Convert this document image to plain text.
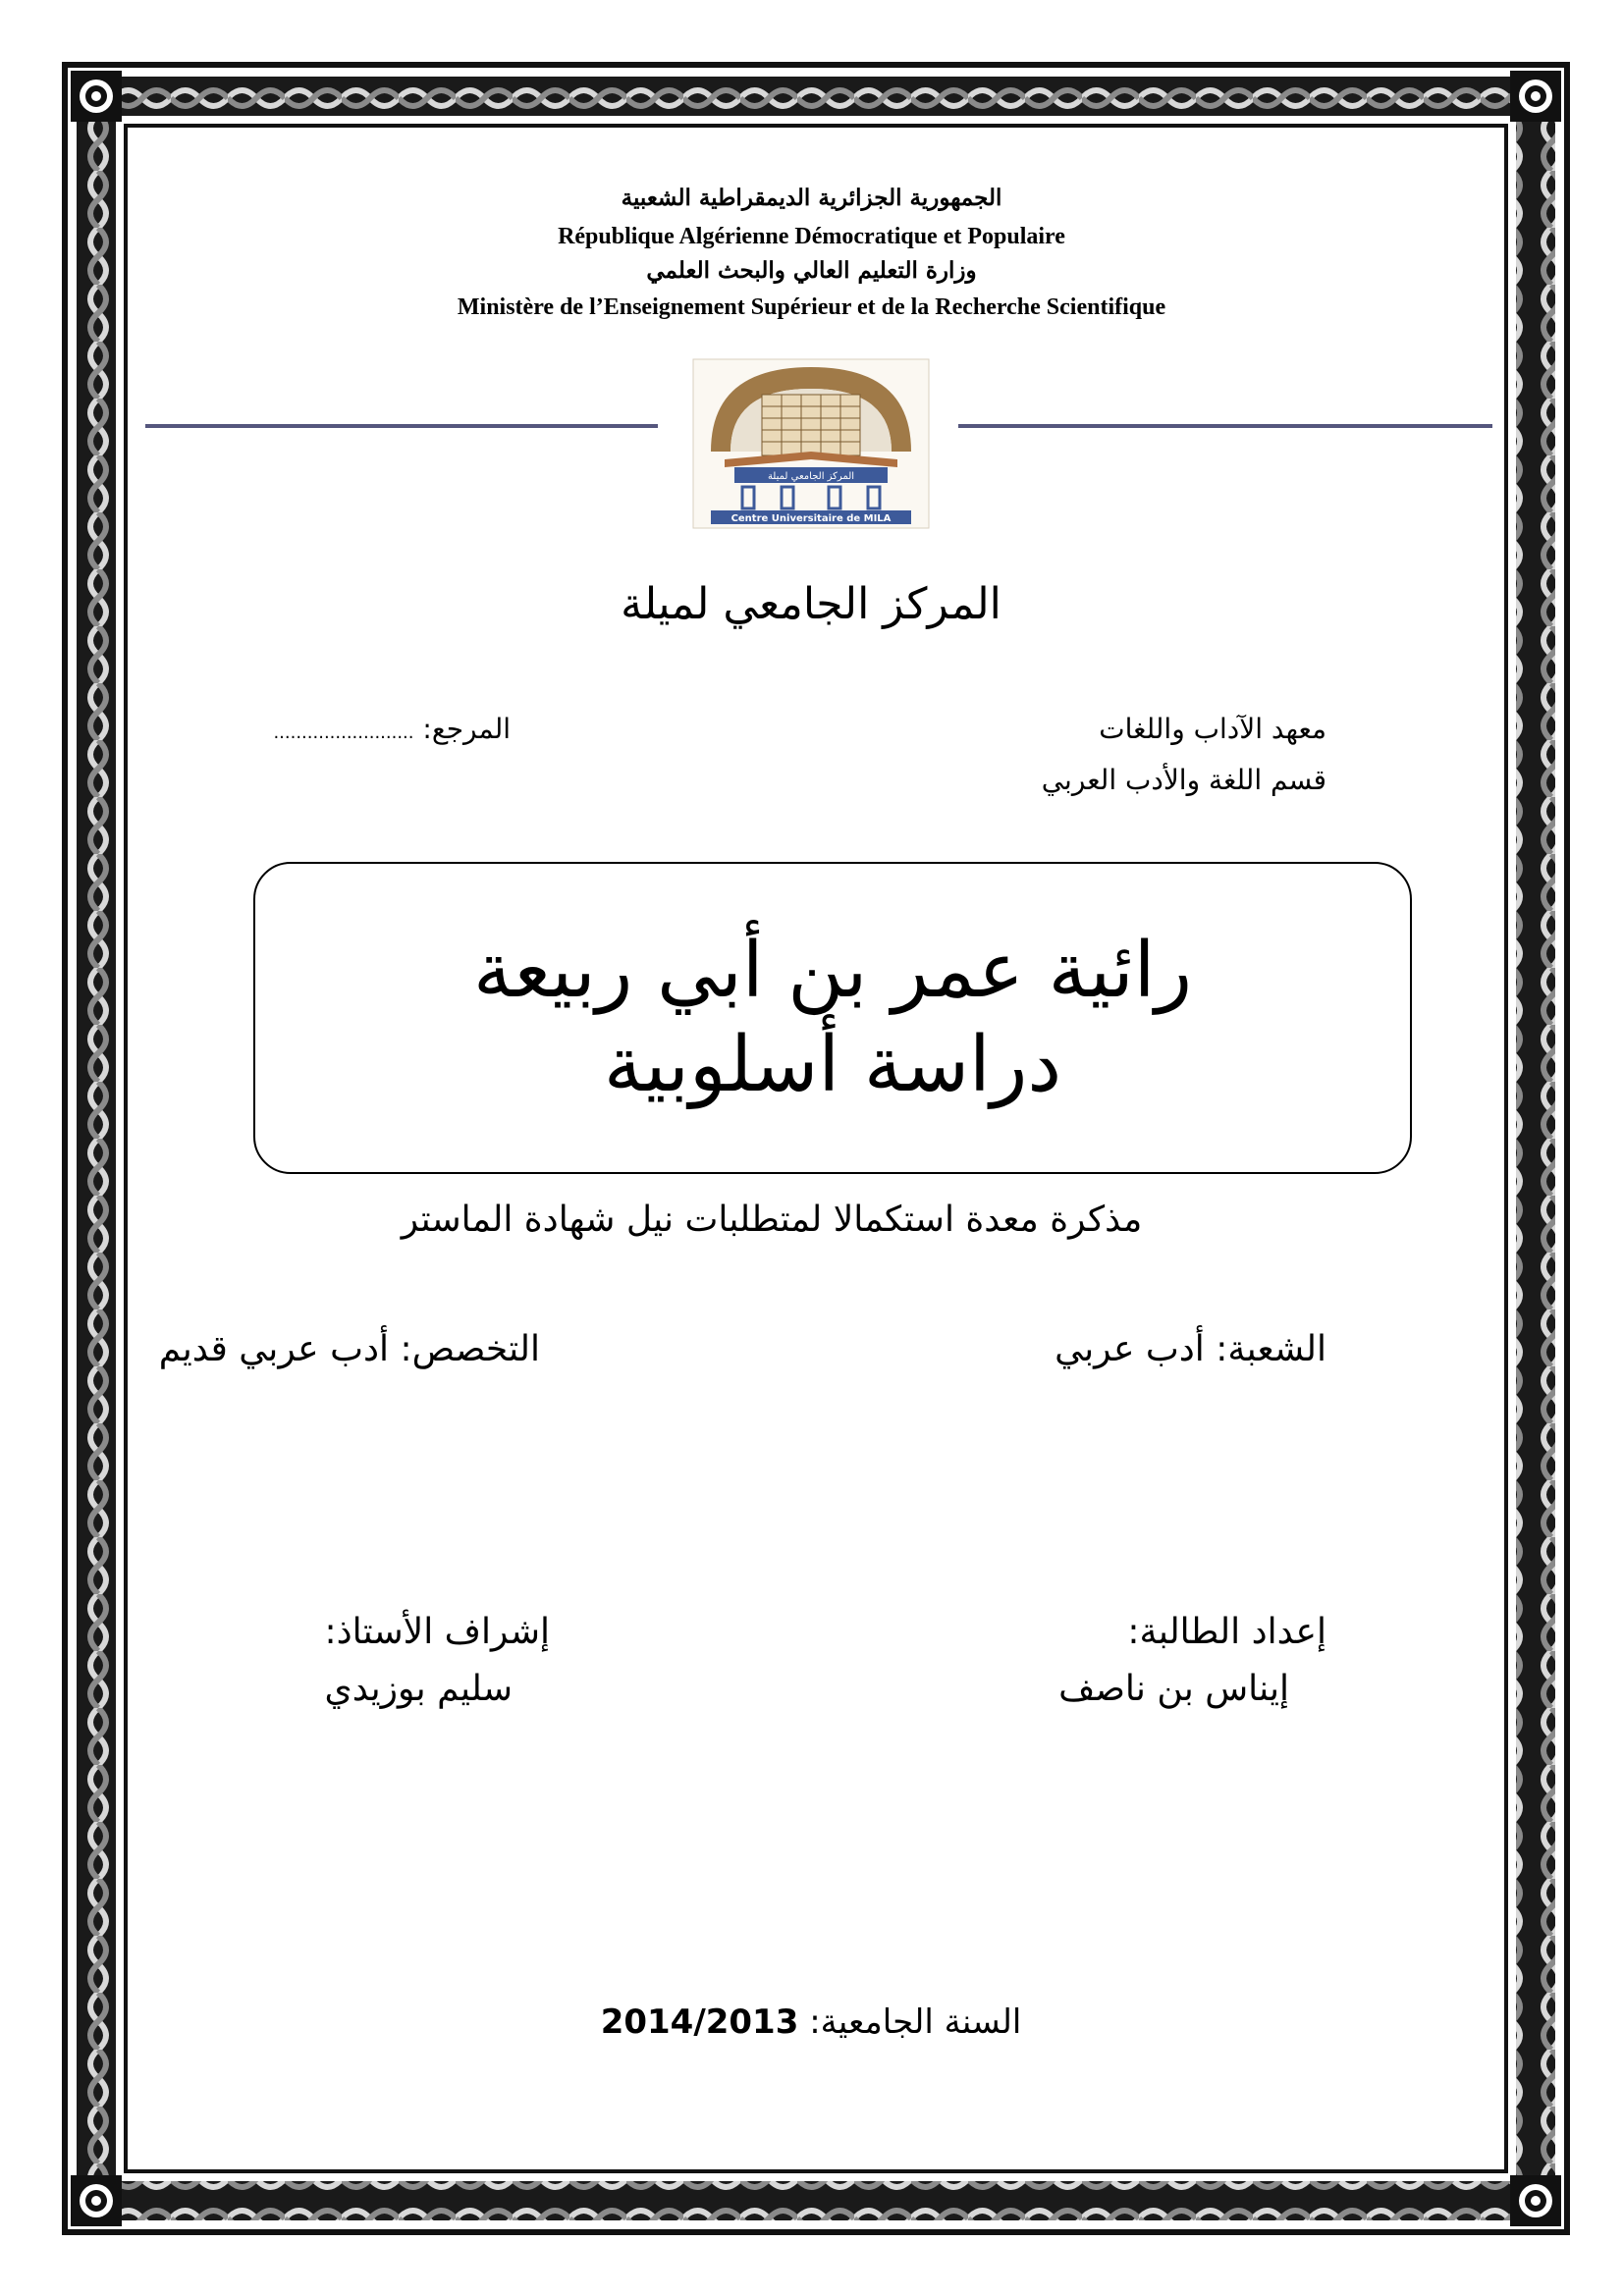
الجمهورية الجزائرية الديمقراطية الشعبية
République Algérienne Démocratique et Populaire
وزارة التعليم العالي والبحث العلمي
Ministère de l’Enseignement Supérieur et de la Recherche Scientifique
المركز الجامعي لميلة
Centre Universitaire de MILA
المركز الجامعي لميلة
معهد الآداب واللغات
قسم اللغة والأدب العربي
المرجع: .........................
رائية عمر بن أبي ربيعة
دراسة أسلوبية
مذكرة معدة استكمالا لمتطلبات نيل شهادة الماستر
الشعبة: أدب عربي
التخصص: أدب عربي قديم
إعداد الطالبة:
إيناس بن ناصف
إشراف الأستاذ:
سليم بوزيدي
السنة الجامعية: 2014/2013
